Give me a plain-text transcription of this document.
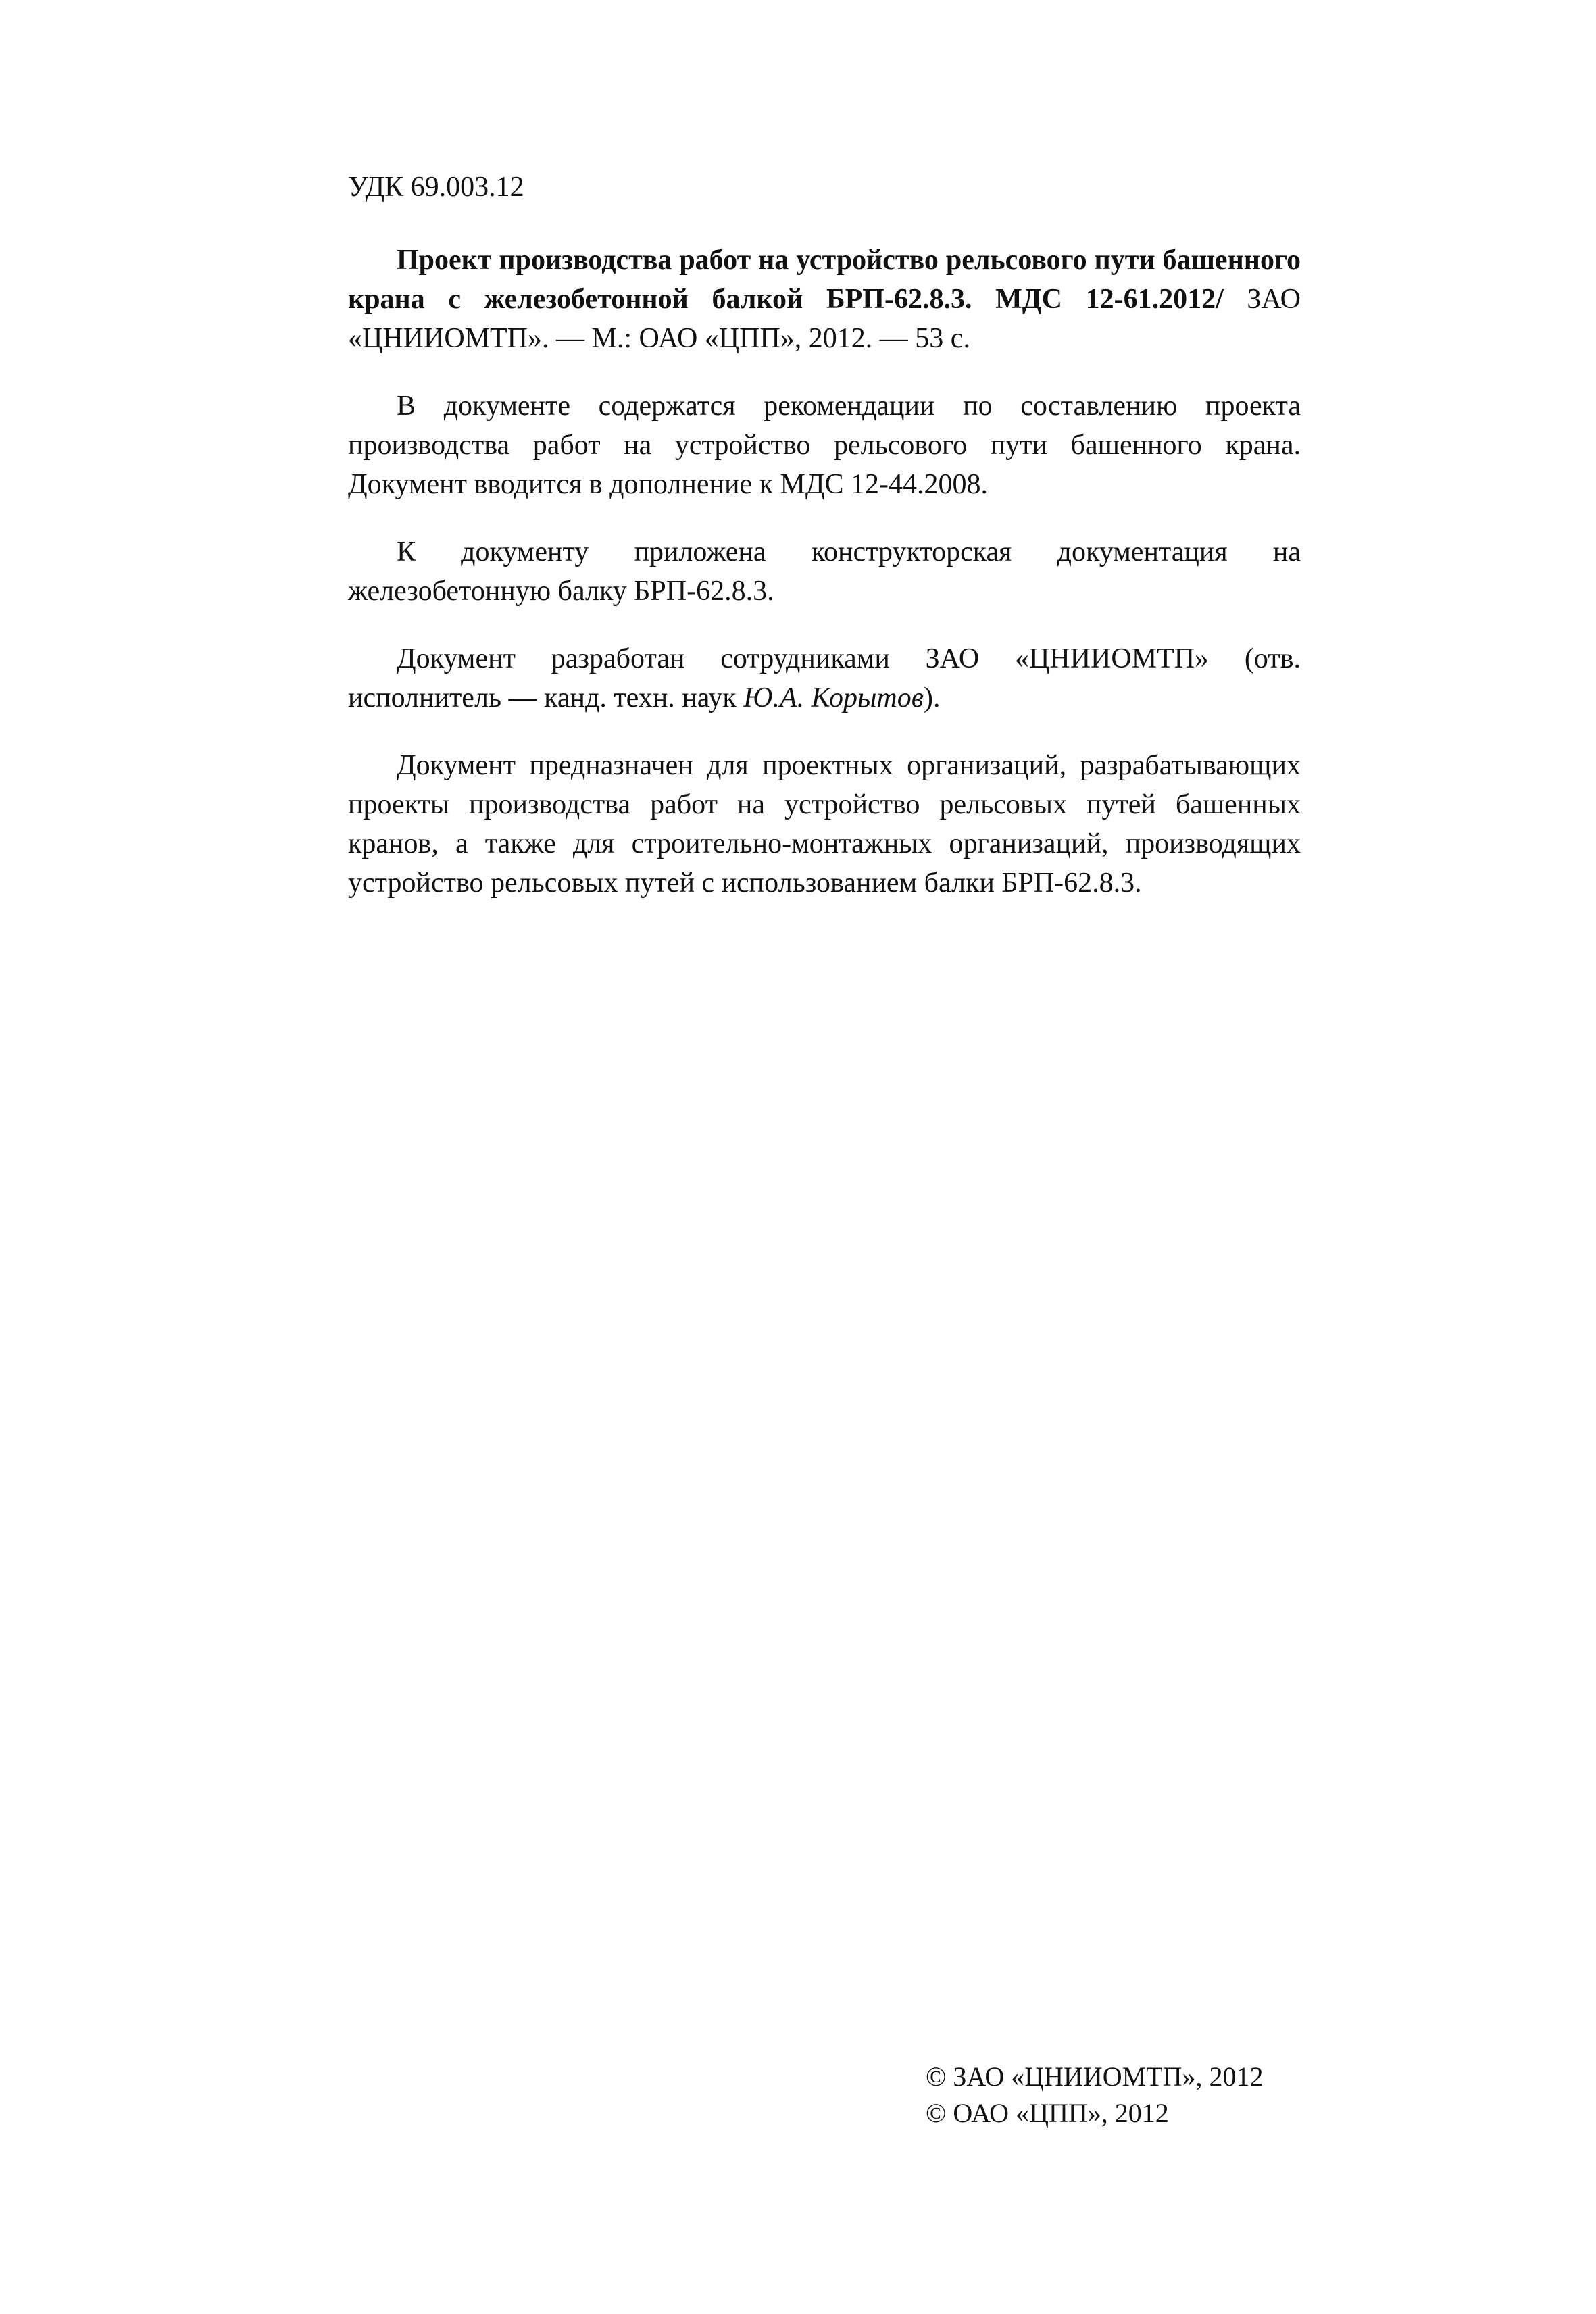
УДК 69.003.12

Проект производства работ на устройство рельсового пути башенного крана с железобетонной балкой БРП-62.8.3. МДС 12-61.2012/ ЗАО «ЦНИИОМТП». — М.: ОАО «ЦПП», 2012. — 53 с.

В документе содержатся рекомендации по составлению проекта производства работ на устройство рельсового пути башенного крана. Документ вводится в дополнение к МДС 12-44.2008.

К документу приложена конструкторская документация на железобетонную балку БРП-62.8.3.

Документ разработан сотрудниками ЗАО «ЦНИИОМТП» (отв. исполнитель — канд. техн. наук Ю.А. Корытов).

Документ предназначен для проектных организаций, разрабатывающих проекты производства работ на устройство рельсовых путей башенных кранов, а также для строительно-монтажных организаций, производящих устройство рельсовых путей с использованием балки БРП-62.8.3.

© ЗАО «ЦНИИОМТП», 2012
© ОАО «ЦПП», 2012
